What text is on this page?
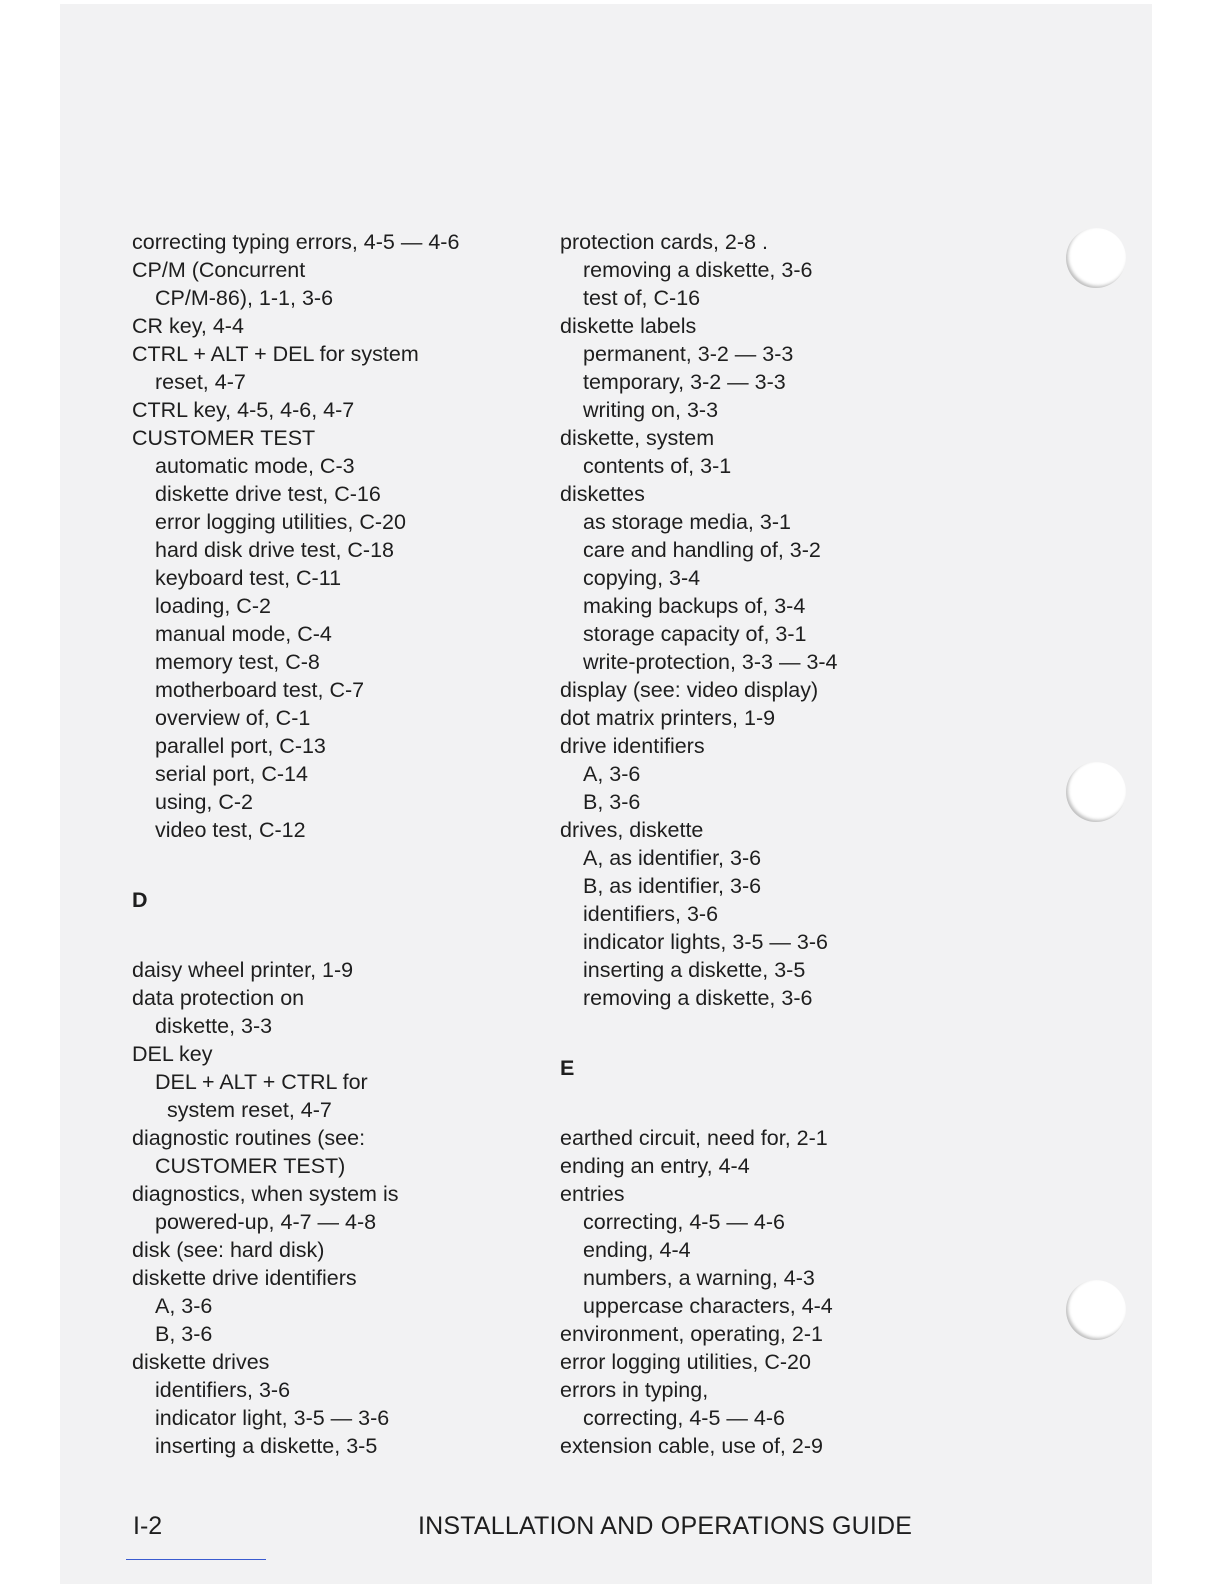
correcting typing errors, 4-5 — 4-6
CP/M (Concurrent
CP/M-86), 1-1, 3-6
CR key, 4-4
CTRL + ALT + DEL for system
reset, 4-7
CTRL key, 4-5, 4-6, 4-7
CUSTOMER TEST
automatic mode, C-3
diskette drive test, C-16
error logging utilities, C-20
hard disk drive test, C-18
keyboard test, C-11
loading, C-2
manual mode, C-4
memory test, C-8
motherboard test, C-7
overview of, C-1
parallel port, C-13
serial port, C-14
using, C-2
video test, C-12
D
daisy wheel printer, 1-9
data protection on
diskette, 3-3
DEL key
DEL + ALT + CTRL for
system reset, 4-7
diagnostic routines (see:
CUSTOMER TEST)
diagnostics, when system is
powered-up, 4-7 — 4-8
disk (see: hard disk)
diskette drive identifiers
A, 3-6
B, 3-6
diskette drives
identifiers, 3-6
indicator light, 3-5 — 3-6
inserting a diskette, 3-5
protection cards, 2-8 .
removing a diskette, 3-6
test of, C-16
diskette labels
permanent, 3-2 — 3-3
temporary, 3-2 — 3-3
writing on, 3-3
diskette, system
contents of, 3-1
diskettes
as storage media, 3-1
care and handling of, 3-2
copying, 3-4
making backups of, 3-4
storage capacity of, 3-1
write-protection, 3-3 — 3-4
display (see: video display)
dot matrix printers, 1-9
drive identifiers
A, 3-6
B, 3-6
drives, diskette
A, as identifier, 3-6
B, as identifier, 3-6
identifiers, 3-6
indicator lights, 3-5 — 3-6
inserting a diskette, 3-5
removing a diskette, 3-6
E
earthed circuit, need for, 2-1
ending an entry, 4-4
entries
correcting, 4-5 — 4-6
ending, 4-4
numbers, a warning, 4-3
uppercase characters, 4-4
environment, operating, 2-1
error logging utilities, C-20
errors in typing,
correcting, 4-5 — 4-6
extension cable, use of, 2-9
I-2	INSTALLATION AND OPERATIONS GUIDE
